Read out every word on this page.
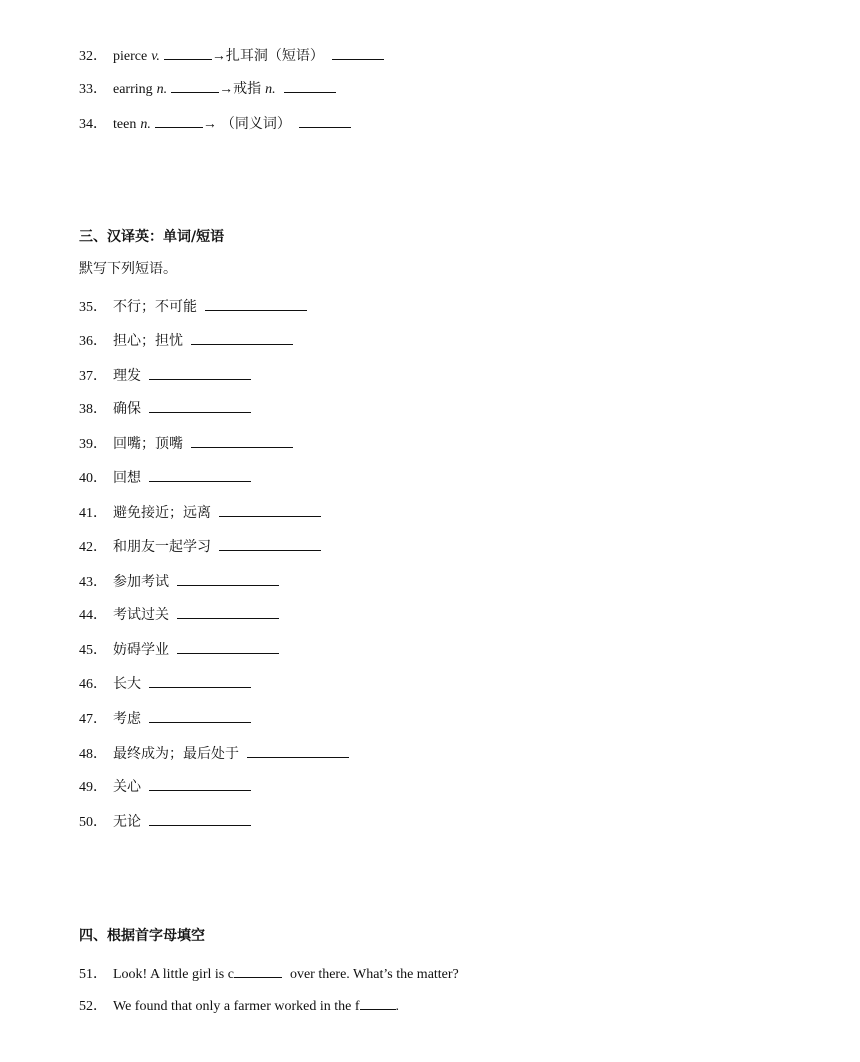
32． pierce v.	→扎耳洞（短语）
33． earring n.	→戒指 n.
34． teen n.	→ （同义词）
三、汉译英：单词/短语
默写下列短语。
35． 不行；不可能
36． 担心；担忧
37． 理发
38． 确保
39． 回嘴；顶嘴
40． 回想
41． 避免接近；远离
42． 和朋友一起学习
43． 参加考试
44． 考试过关
45． 妨碍学业
46． 长大
47． 考虑
48． 最终成为；最后处于
49． 关心
50． 无论
四、根据首字母填空
51． Look! A little girl is c	over there. What’s the matter?
52． We found that only a farmer worked in the f	.
